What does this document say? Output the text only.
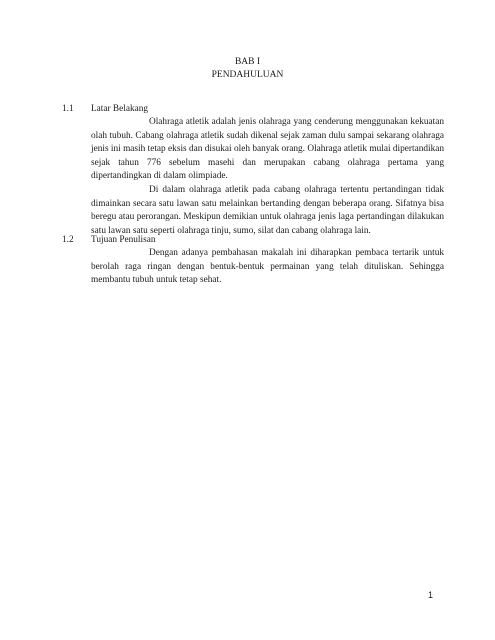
BAB I
PENDAHULUAN
1.1 Latar Belakang

Olahraga atletik adalah jenis olahraga yang cenderung menggunakan kekuatan olah tubuh. Cabang olahraga atletik sudah dikenal sejak zaman dulu sampai sekarang olahraga jenis ini masih tetap eksis dan disukai oleh banyak orang. Olahraga atletik mulai dipertandikan sejak tahun 776 sebelum masehi dan merupakan cabang olahraga pertama yang dipertandingkan di dalam olimpiade.

Di dalam olahraga atletik pada cabang olahraga tertentu pertandingan tidak dimainkan secara satu lawan satu melainkan bertanding dengan beberapa orang. Sifatnya bisa beregu atau perorangan. Meskipun demikian untuk olahraga jenis laga pertandingan dilakukan satu lawan satu seperti olahraga tinju, sumo, silat dan cabang olahraga lain.

1.2 Tujuan Penulisan

Dengan adanya pembahasan makalah ini diharapkan pembaca tertarik untuk berolah raga ringan dengan bentuk-bentuk permainan yang telah dituliskan. Sehingga membantu tubuh untuk tetap sehat.

1
